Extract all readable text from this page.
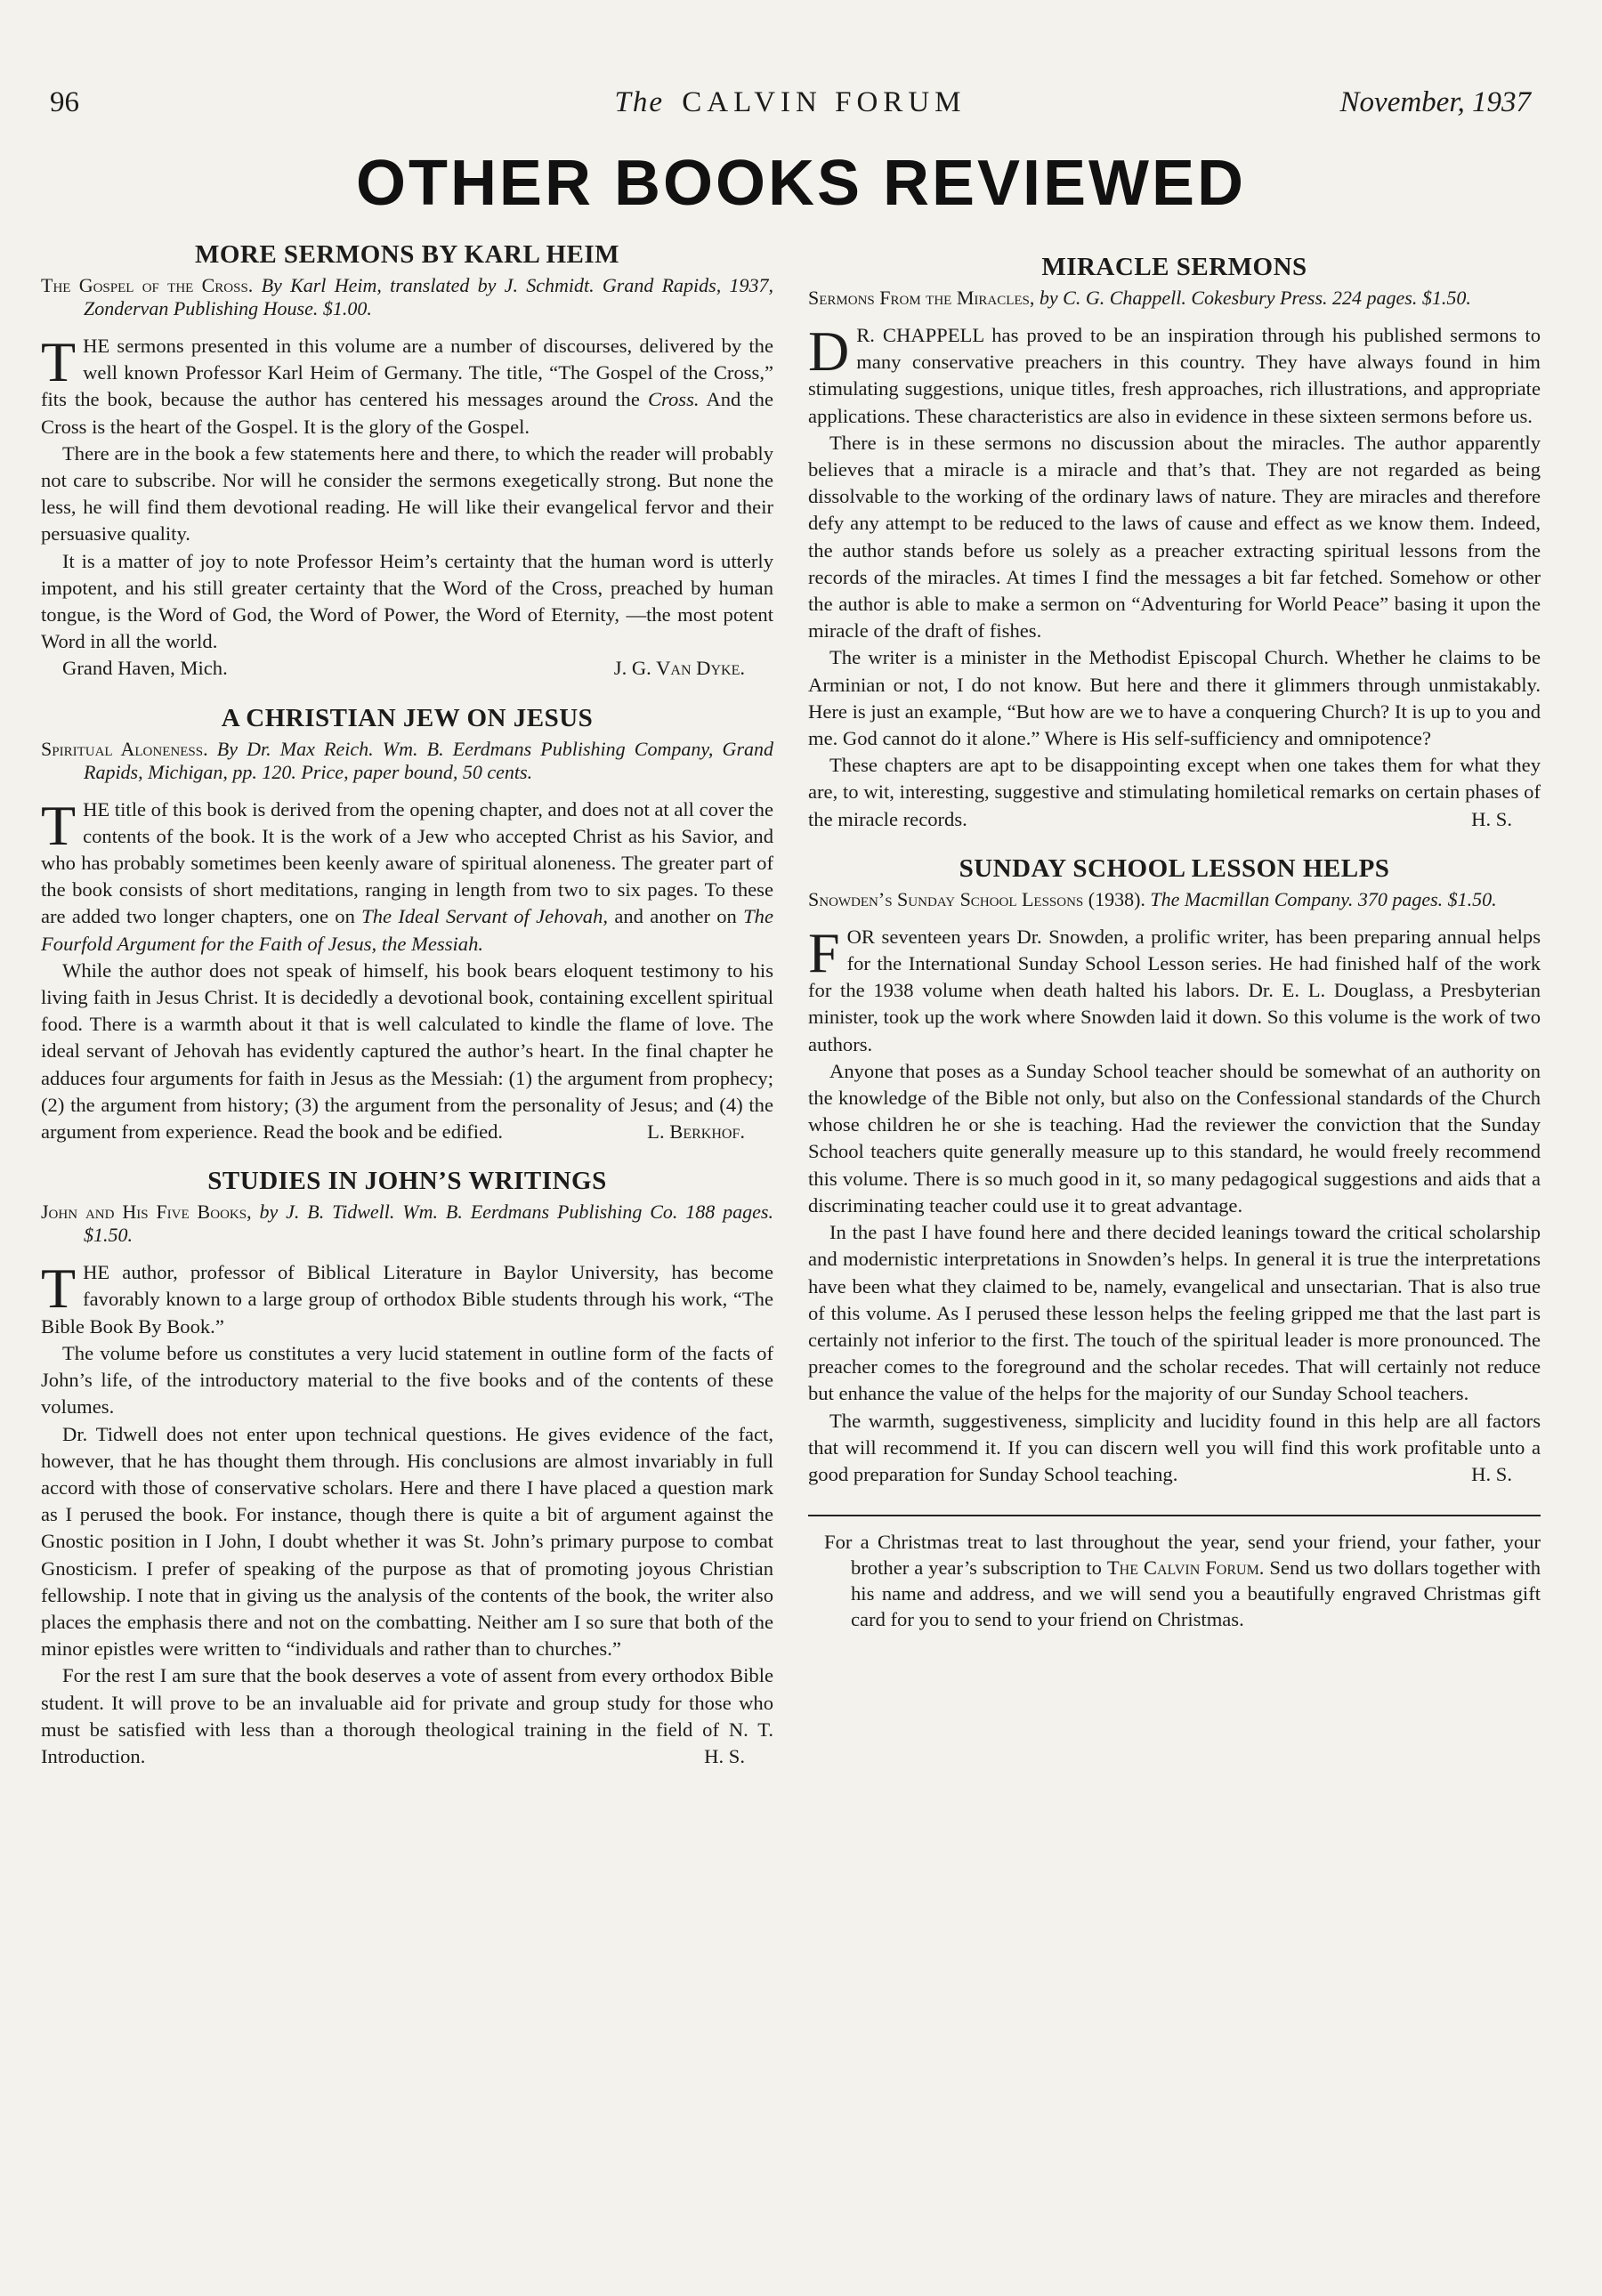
96	The CALVIN FORUM	November, 1937
OTHER BOOKS REVIEWED
MORE SERMONS BY KARL HEIM
The Gospel of the Cross. By Karl Heim, translated by J. Schmidt. Grand Rapids, 1937, Zondervan Publishing House. $1.00.

THE sermons presented in this volume are a number of discourses, delivered by the well known Professor Karl Heim of Germany. The title, “The Gospel of the Cross,” fits the book, because the author has centered his messages around the Cross. And the Cross is the heart of the Gospel. It is the glory of the Gospel.

There are in the book a few statements here and there, to which the reader will probably not care to subscribe. Nor will he consider the sermons exegetically strong. But none the less, he will find them devotional reading. He will like their evangelical fervor and their persuasive quality.

It is a matter of joy to note Professor Heim’s certainty that the human word is utterly impotent, and his still greater certainty that the Word of the Cross, preached by human tongue, is the Word of God, the Word of Power, the Word of Eternity, —the most potent Word in all the world.

Grand Haven, Mich.	J. G. Van Dyke.
A CHRISTIAN JEW ON JESUS
Spiritual Aloneness. By Dr. Max Reich. Wm. B. Eerdmans Publishing Company, Grand Rapids, Michigan, pp. 120. Price, paper bound, 50 cents.

THE title of this book is derived from the opening chapter, and does not at all cover the contents of the book. It is the work of a Jew who accepted Christ as his Savior, and who has probably sometimes been keenly aware of spiritual aloneness. The greater part of the book consists of short meditations, ranging in length from two to six pages. To these are added two longer chapters, one on The Ideal Servant of Jehovah, and another on The Fourfold Argument for the Faith of Jesus, the Messiah.

While the author does not speak of himself, his book bears eloquent testimony to his living faith in Jesus Christ. It is decidedly a devotional book, containing excellent spiritual food. There is a warmth about it that is well calculated to kindle the flame of love. The ideal servant of Jehovah has evidently captured the author’s heart. In the final chapter he adduces four arguments for faith in Jesus as the Messiah: (1) the argument from prophecy; (2) the argument from history; (3) the argument from the personality of Jesus; and (4) the argument from experience. Read the book and be edified.	L. Berkhof.

STUDIES IN JOHN’S WRITINGS
John and His Five Books, by J. B. Tidwell. Wm. B. Eerdmans Publishing Co. 188 pages. $1.50.

THE author, professor of Biblical Literature in Baylor University, has become favorably known to a large group of orthodox Bible students through his work, “The Bible Book By Book.”

The volume before us constitutes a very lucid statement in outline form of the facts of John’s life, of the introductory material to the five books and of the contents of these volumes.

Dr. Tidwell does not enter upon technical questions. He gives evidence of the fact, however, that he has thought them through. His conclusions are almost invariably in full accord with those of conservative scholars. Here and there I have placed a question mark as I perused the book. For instance, though there is quite a bit of argument against the Gnostic position in I John, I doubt whether it was St. John’s primary purpose to combat Gnosticism. I prefer of speaking of the purpose as that of promoting joyous Christian fellowship. I note that in giving us the analysis of the contents of the book, the writer also places the emphasis there and not on the combatting. Neither am I so sure that both of the minor epistles were written to “individuals and rather than to churches.”

For the rest I am sure that the book deserves a vote of assent from every orthodox Bible student. It will prove to be an invaluable aid for private and group study for those who must be satisfied with less than a thorough theological training in the field of N. T. Introduction.	H. S.

MIRACLE SERMONS
Sermons From the Miracles, by C. G. Chappell. Cokesbury Press. 224 pages. $1.50.

D R. CHAPPELL has proved to be an inspiration through his published sermons to many conservative preachers in this country. They have always found in him stimulating suggestions, unique titles, fresh approaches, rich illustrations, and appropriate applications. These characteristics are also in evidence in these sixteen sermons before us.

There is in these sermons no discussion about the miracles. The author apparently believes that a miracle is a miracle and that’s that. They are not regarded as being dissolvable to the working of the ordinary laws of nature. They are miracles and therefore defy any attempt to be reduced to the laws of cause and effect as we know them. Indeed, the author stands before us solely as a preacher extracting spiritual lessons from the records of the miracles. At times I find the messages a bit far fetched. Somehow or other the author is able to make a sermon on “Adventuring for World Peace” basing it upon the miracle of the draft of fishes.

The writer is a minister in the Methodist Episcopal Church. Whether he claims to be Arminian or not, I do not know. But here and there it glimmers through unmistakably. Here is just an example, “But how are we to have a conquering Church? It is up to you and me. God cannot do it alone.” Where is His self-sufficiency and omnipotence?

These chapters are apt to be disappointing except when one takes them for what they are, to wit, interesting, suggestive and stimulating homiletical remarks on certain phases of the miracle records.	H. S.

SUNDAY SCHOOL LESSON HELPS
Snowden’s Sunday School Lessons (1938). The Macmillan Company. 370 pages. $1.50.

FOR seventeen years Dr. Snowden, a prolific writer, has been preparing annual helps for the International Sunday School Lesson series. He had finished half of the work for the 1938 volume when death halted his labors. Dr. E. L. Douglass, a Presbyterian minister, took up the work where Snowden laid it down. So this volume is the work of two authors.

Anyone that poses as a Sunday School teacher should be somewhat of an authority on the knowledge of the Bible not only, but also on the Confessional standards of the Church whose children he or she is teaching. Had the reviewer the conviction that the Sunday School teachers quite generally measure up to this standard, he would freely recommend this volume. There is so much good in it, so many pedagogical suggestions and aids that a discriminating teacher could use it to great advantage.

In the past I have found here and there decided leanings toward the critical scholarship and modernistic interpretations in Snowden’s helps. In general it is true the interpretations have been what they claimed to be, namely, evangelical and unsectarian. That is also true of this volume. As I perused these lesson helps the feeling gripped me that the last part is certainly not inferior to the first. The touch of the spiritual leader is more pronounced. The preacher comes to the foreground and the scholar recedes. That will certainly not reduce but enhance the value of the helps for the majority of our Sunday School teachers.

The warmth, suggestiveness, simplicity and lucidity found in this help are all factors that will recommend it. If you can discern well you will find this work profitable unto a good preparation for Sunday School teaching.	H. S.

For a Christmas treat to last throughout the year, send your friend, your father, your brother a year’s subscription to The Calvin Forum. Send us two dollars together with his name and address, and we will send you a beautifully engraved Christmas gift card for you to send to your friend on Christmas.
